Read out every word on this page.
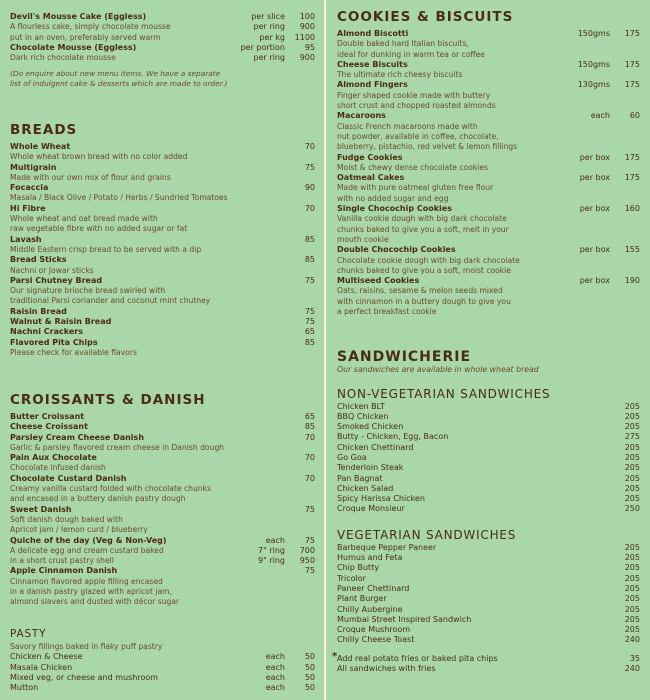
Devil's Mousse Cake (Eggless)	per slice	100
A flourless cake, simply chocolate mousse	per ring	900
put in an oven, preferably served warm	per kg	1100
Chocolate Mousse (Eggless)	per portion	95
Dark rich chocolate mousse	per ring	900
(Do enquire about new menu items. We have a separate
list of indulgent cake & desserts which are made to order.)
BREADS
Whole Wheat	70
Whole wheat brown bread with no color added
Multigrain	75
Made with our own mix of flour and grains
Focaccia	90
Masala / Black Olive / Potato / Herbs / Sundried Tomatoes
Hi Fibre	70
Whole wheat and oat bread made with
raw vegetable fibre with no added sugar or fat
Lavash	85
Middle Eastern crisp bread to be served with a dip
Bread Sticks	85
Nachni or Jowar sticks
Parsi Chutney Bread	75
Our signature brioche bread swirled with
traditional Parsi coriander and coconut mint chutney
Raisin Bread	75
Walnut & Raisin Bread	75
Nachni Crackers	65
Flavored Pita Chips	85
Please check for available flavors
CROISSANTS & DANISH
Butter Croissant	65
Cheese Croissant	85
Parsley Cream Cheese Danish	70
Garlic & parsley flavored cream cheese in Danish dough
Pain Aux Chocolate	70
Chocolate infused danish
Chocolate Custard Danish	70
Creamy vanilla custard folded with chocolate chunks
and encased in a buttery danish pastry dough
Sweet Danish	75
Soft danish dough baked with
Apricot jam / lemon curd / blueberry
Quiche of the day (Veg & Non-Veg)	each	75
A delicate egg and cream custard baked	7" ring	700
in a short crust pastry shell	9" ring	950
Apple Cinnamon Danish	75
Cinnamon flavored apple filling encased
in a danish pastry glazed with apricot jam,
almond slavers and dusted with décor sugar
PASTY
Savory fillings baked in flaky puff pastry
Chicken & Cheese	each	50
Masala Chicken	each	50
Mixed veg, or cheese and mushroom	each	50
Mutton	each	50
COOKIES & BISCUITS
Almond Biscotti	150gms	175
Double baked hard Italian biscuits,
ideal for dunking in warm tea or coffee
Cheese Biscuits	150gms	175
The ultimate rich cheesy biscuits
Almond Fingers	130gms	175
Finger shaped cookie made with buttery
short crust and chopped roasted almonds
Macaroons	each	60
Classic French macaroons made with
nut powder, available in coffee, chocolate,
blueberry, pistachio, red velvet & lemon fillings
Fudge Cookies	per box	175
Moist & chewy dense chocolate cookies
Oatmeal Cakes	per box	175
Made with pure oatmeal gluten free flour
with no added sugar and egg
Single Chocochip Cookies	per box	160
Vanilla cookie dough with big dark chocolate
chunks baked to give you a soft, melt in your
mouth cookie
Double Chocochip Cookies	per box	155
Chocolate cookie dough with big dark chocolate
chunks baked to give you a soft, moist cookie
Multiseed Cookies	per box	190
Oats, raisins, sesame & melon seeds mixed
with cinnamon in a buttery dough to give you
a perfect breakfast cookie
SANDWICHERIE
Our sandwiches are available in whole wheat bread
NON-VEGETARIAN SANDWICHES
Chicken BLT	205
BBQ Chicken	205
Smoked Chicken	205
Butty - Chicken, Egg, Bacon	275
Chicken Chettinard	205
Go Goa	205
Tenderloin Steak	205
Pan Bagnat	205
Chicken Salad	205
Spicy Harissa Chicken	205
Croque Monsieur	250
VEGETARIAN SANDWICHES
Barbeque Pepper Paneer	205
Humus and Feta	205
Chip Butty	205
Tricolor	205
Paneer Chettinard	205
Plant Burger	205
Chilly Aubergine	205
Mumbai Street Inspired Sandwich	205
Croque Mushroom	205
Chilly Cheese Toast	240
* Add real potato fries or baked pita chips	35
All sandwiches with fries	240
